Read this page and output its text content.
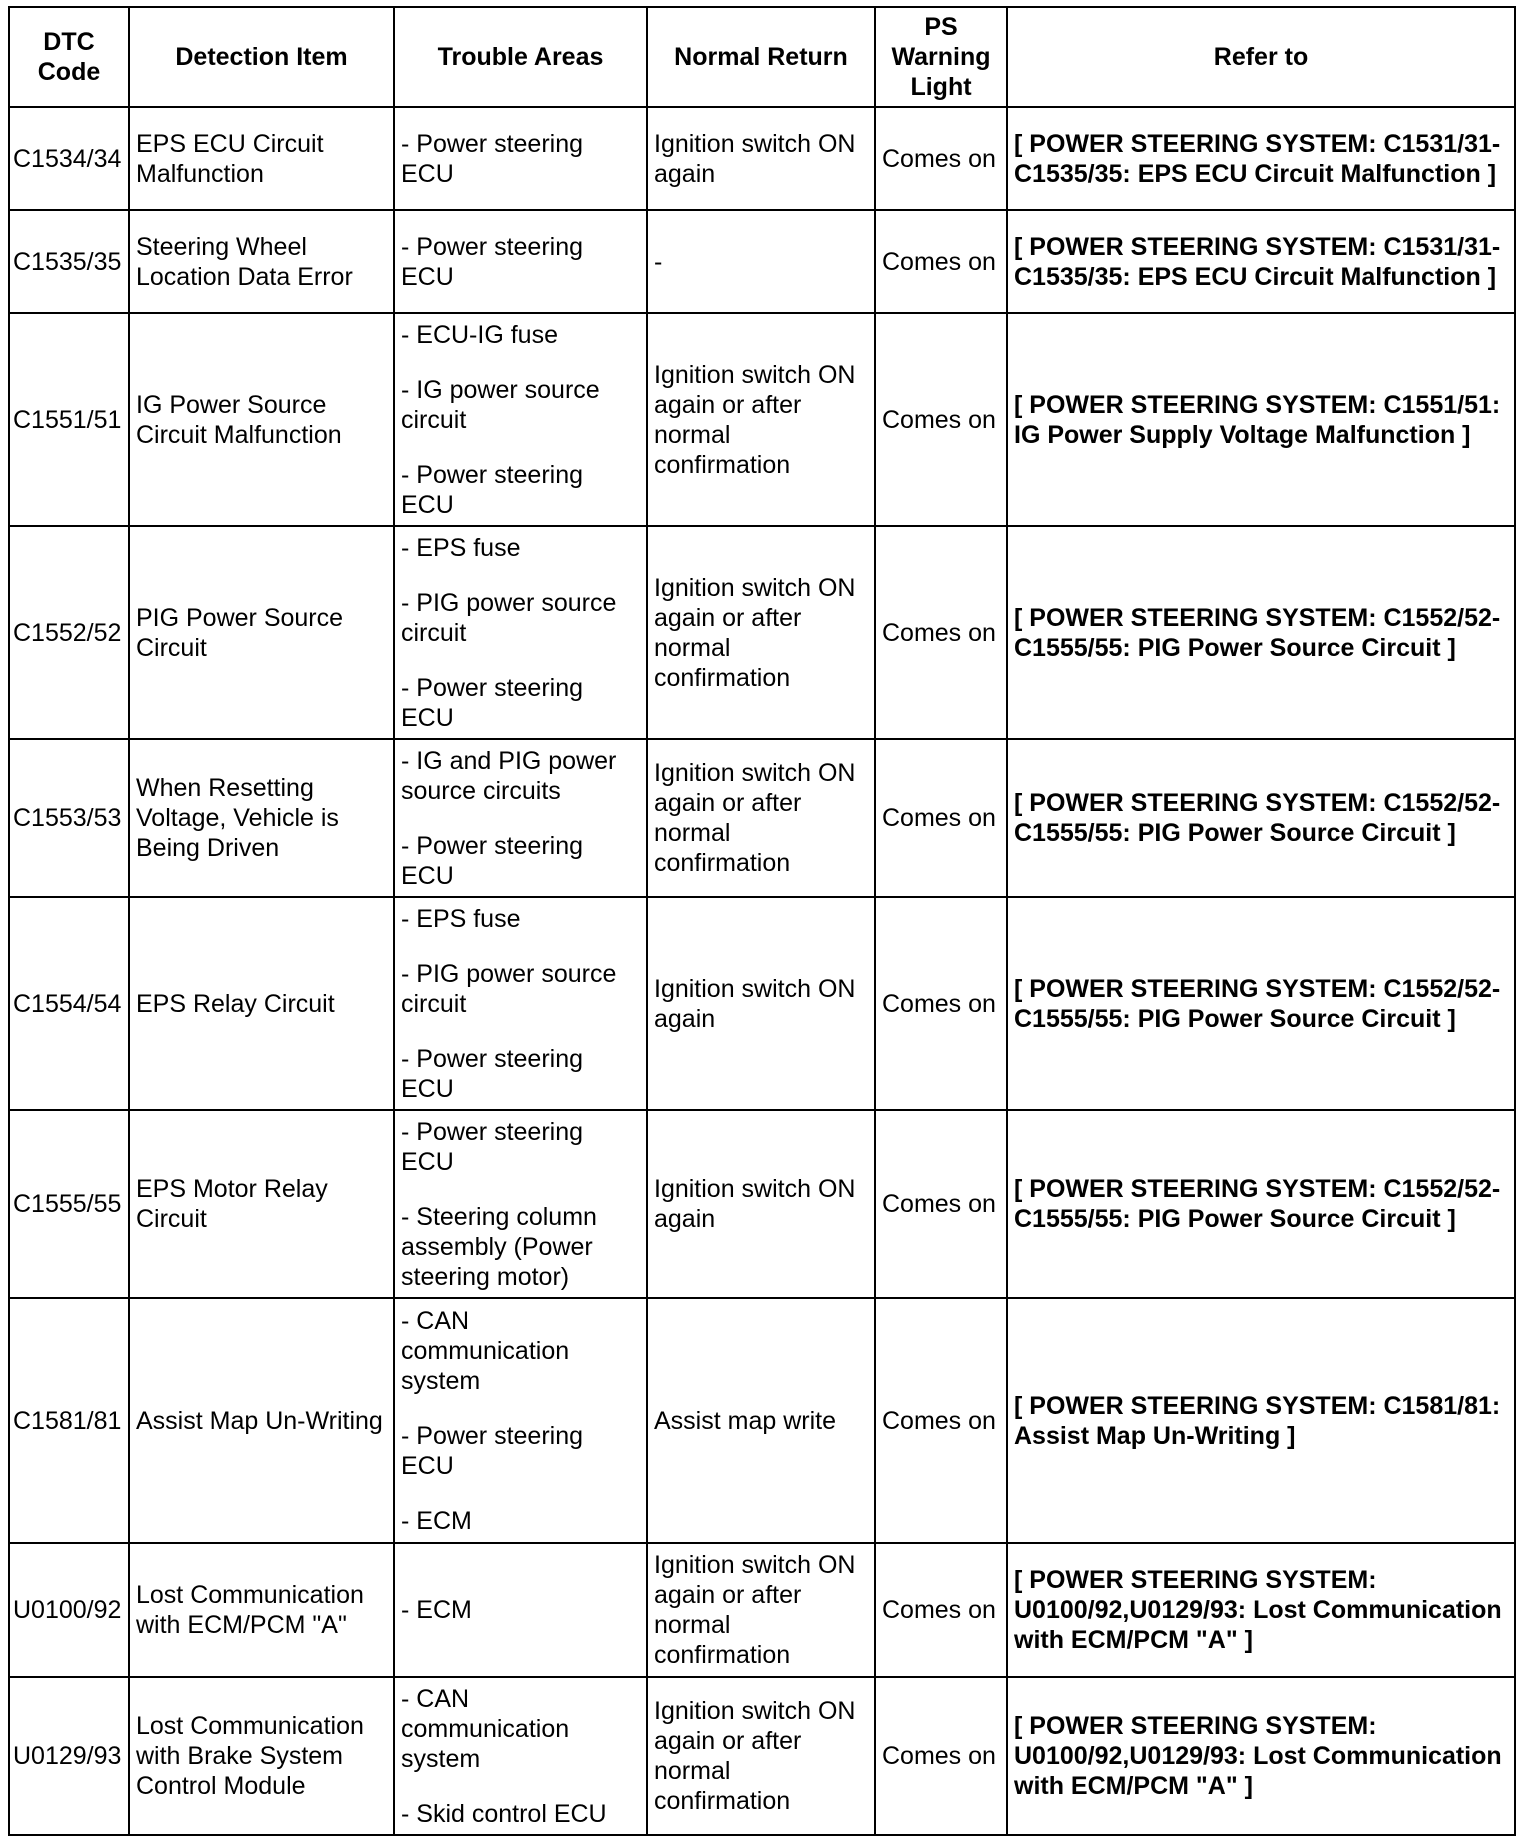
DTC Code	Detection Item	Trouble Areas	Normal Return	PS Warning Light	Refer to
C1534/34	EPS ECU Circuit Malfunction	- Power steering ECU	Ignition switch ON again	Comes on	[ POWER STEERING SYSTEM: C1531/31-C1535/35: EPS ECU Circuit Malfunction ]
C1535/35	Steering Wheel Location Data Error	- Power steering ECU	-	Comes on	[ POWER STEERING SYSTEM: C1531/31-C1535/35: EPS ECU Circuit Malfunction ]
C1551/51	IG Power Source Circuit Malfunction	- ECU-IG fuse
- IG power source circuit
- Power steering ECU	Ignition switch ON again or after normal confirmation	Comes on	[ POWER STEERING SYSTEM: C1551/51: IG Power Supply Voltage Malfunction ]
C1552/52	PIG Power Source Circuit	- EPS fuse
- PIG power source circuit
- Power steering ECU	Ignition switch ON again or after normal confirmation	Comes on	[ POWER STEERING SYSTEM: C1552/52-C1555/55: PIG Power Source Circuit ]
C1553/53	When Resetting Voltage, Vehicle is Being Driven	- IG and PIG power source circuits
- Power steering ECU	Ignition switch ON again or after normal confirmation	Comes on	[ POWER STEERING SYSTEM: C1552/52-C1555/55: PIG Power Source Circuit ]
C1554/54	EPS Relay Circuit	- EPS fuse
- PIG power source circuit
- Power steering ECU	Ignition switch ON again	Comes on	[ POWER STEERING SYSTEM: C1552/52-C1555/55: PIG Power Source Circuit ]
C1555/55	EPS Motor Relay Circuit	- Power steering ECU
- Steering column assembly (Power steering motor)	Ignition switch ON again	Comes on	[ POWER STEERING SYSTEM: C1552/52-C1555/55: PIG Power Source Circuit ]
C1581/81	Assist Map Un-Writing	- CAN communication system
- Power steering ECU
- ECM	Assist map write	Comes on	[ POWER STEERING SYSTEM: C1581/81: Assist Map Un-Writing ]
U0100/92	Lost Communication with ECM/PCM "A"	- ECM	Ignition switch ON again or after normal confirmation	Comes on	[ POWER STEERING SYSTEM: U0100/92,U0129/93: Lost Communication with ECM/PCM "A" ]
U0129/93	Lost Communication with Brake System Control Module	- CAN communication system
- Skid control ECU	Ignition switch ON again or after normal confirmation	Comes on	[ POWER STEERING SYSTEM: U0100/92,U0129/93: Lost Communication with ECM/PCM "A" ]
